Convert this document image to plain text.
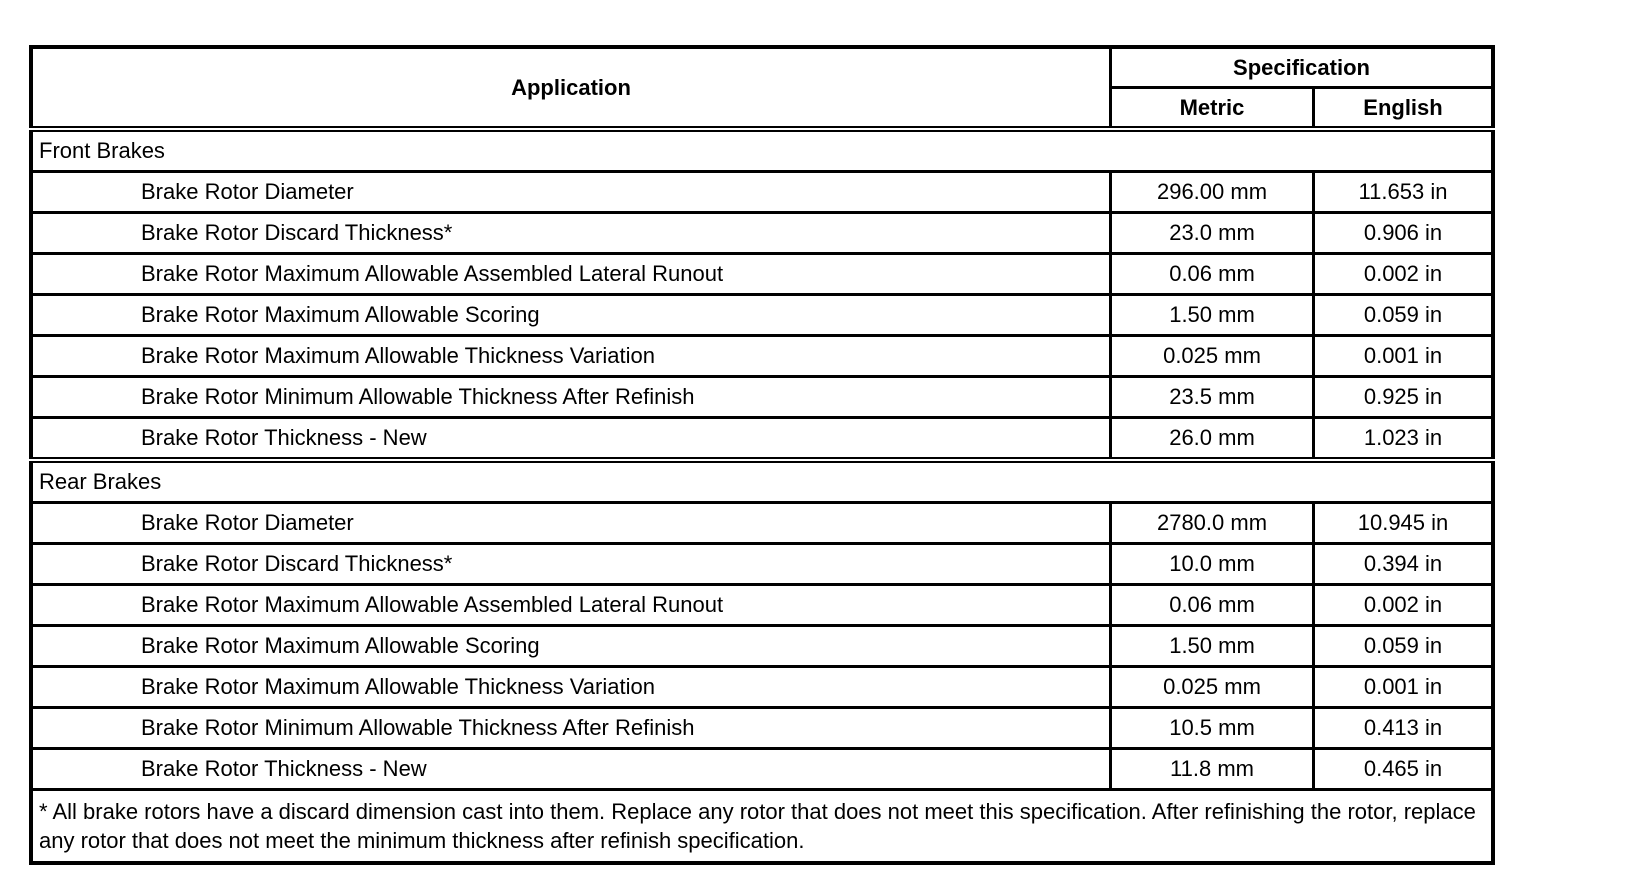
Application	Specification	
	Metric	English
Front Brakes		
Brake Rotor Diameter	296.00 mm	11.653 in
Brake Rotor Discard Thickness*	23.0 mm	0.906 in
Brake Rotor Maximum Allowable Assembled Lateral Runout	0.06 mm	0.002 in
Brake Rotor Maximum Allowable Scoring	1.50 mm	0.059 in
Brake Rotor Maximum Allowable Thickness Variation	0.025 mm	0.001 in
Brake Rotor Minimum Allowable Thickness After Refinish	23.5 mm	0.925 in
Brake Rotor Thickness - New	26.0 mm	1.023 in
Rear Brakes		
Brake Rotor Diameter	2780.0 mm	10.945 in
Brake Rotor Discard Thickness*	10.0 mm	0.394 in
Brake Rotor Maximum Allowable Assembled Lateral Runout	0.06 mm	0.002 in
Brake Rotor Maximum Allowable Scoring	1.50 mm	0.059 in
Brake Rotor Maximum Allowable Thickness Variation	0.025 mm	0.001 in
Brake Rotor Minimum Allowable Thickness After Refinish	10.5 mm	0.413 in
Brake Rotor Thickness - New	11.8 mm	0.465 in
* All brake rotors have a discard dimension cast into them. Replace any rotor that does not meet this specification. After refinishing the rotor, replace any rotor that does not meet the minimum thickness after refinish specification.		
